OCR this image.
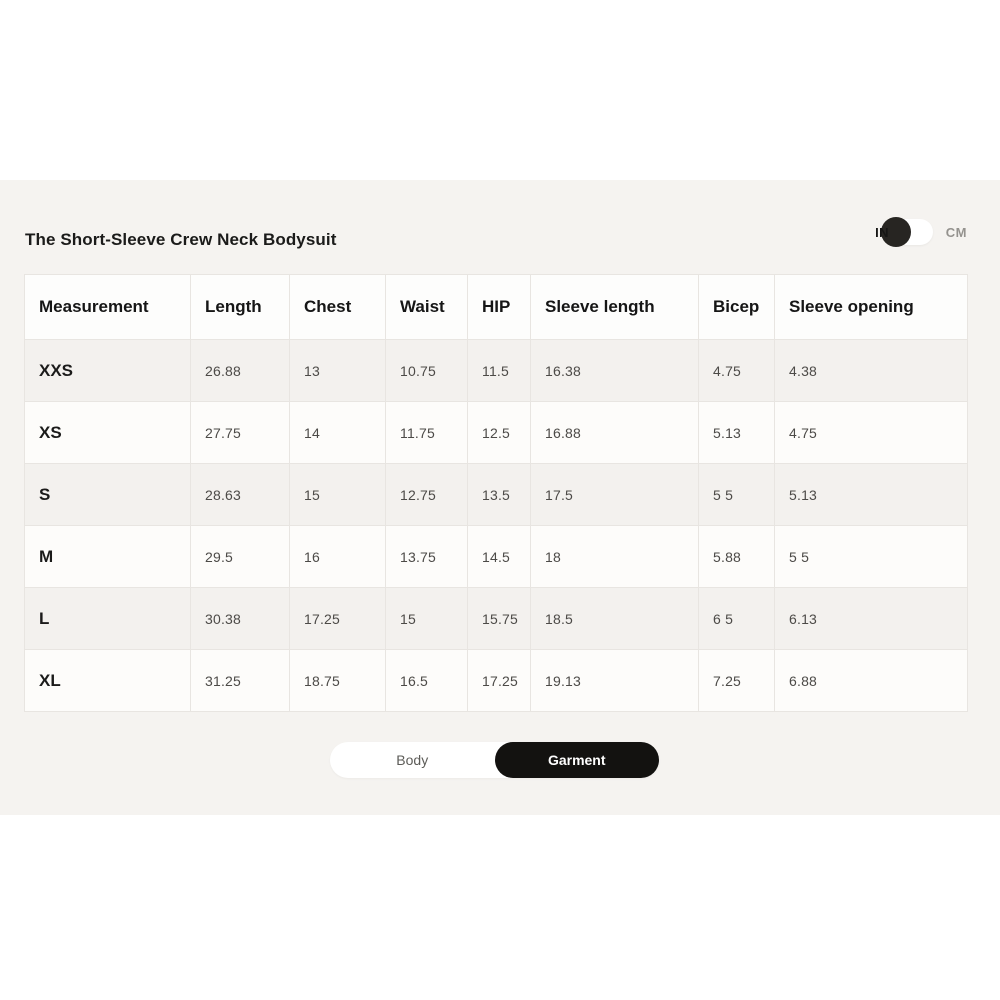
The Short-Sleeve Crew Neck Bodysuit	IN	CM
Measurement	Length	Chest	Waist	HIP	Sleeve length	Bicep	Sleeve opening
XXS	26.88	13	10.75	11.5	16.38	4.75	4.38
XS	27.75	14	11.75	12.5	16.88	5.13	4.75
S	28.63	15	12.75	13.5	17.5	5 5	5.13
M	29.5	16	13.75	14.5	18	5.88	5 5
L	30.38	17.25	15	15.75	18.5	6 5	6.13
XL	31.25	18.75	16.5	17.25	19.13	7.25	6.88
Body	Garment
